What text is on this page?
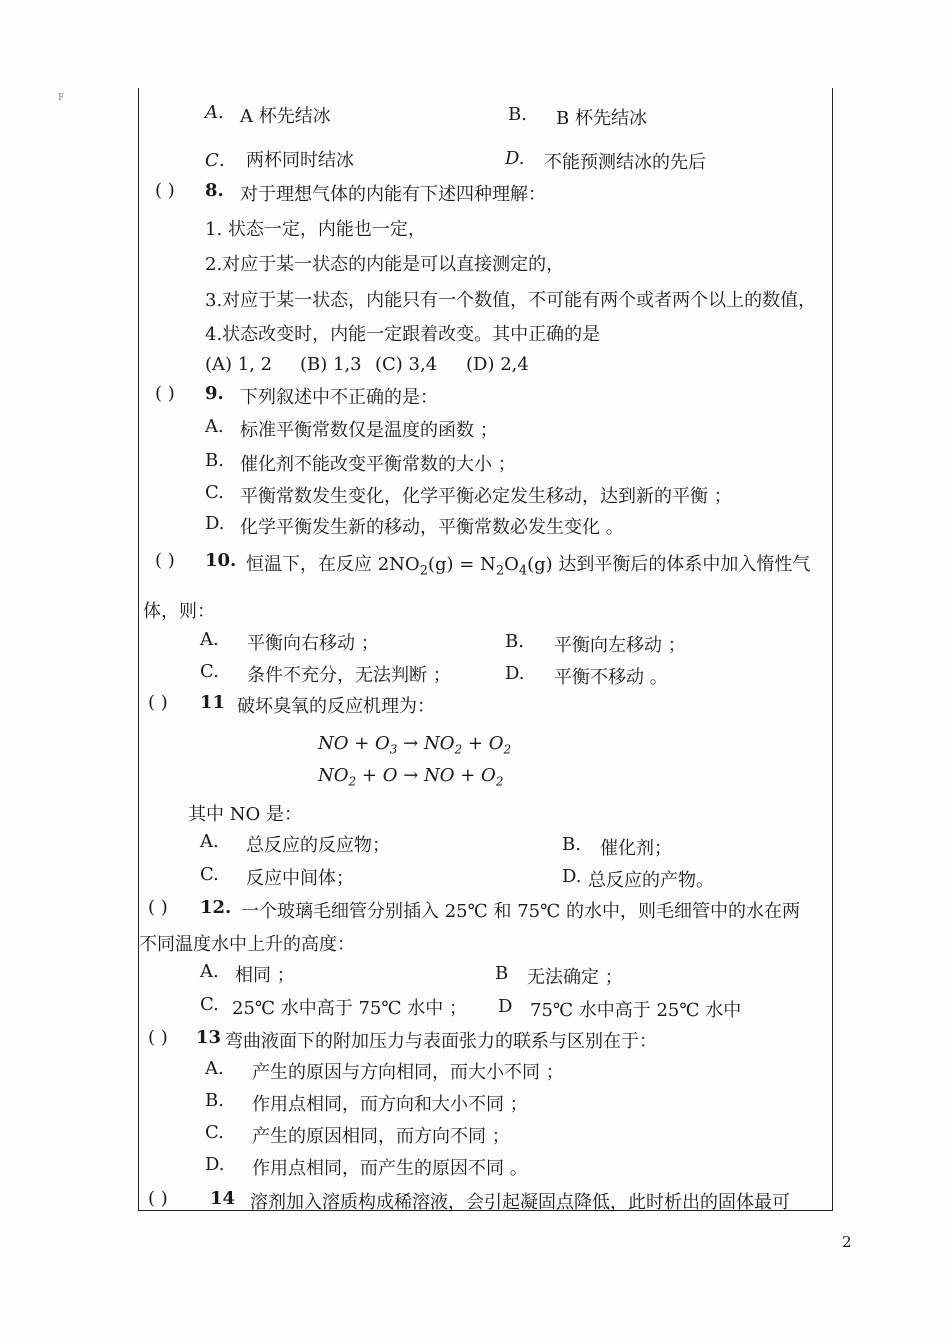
F
A. A 杯先结冰	B. B 杯先结冰
C． 两杯同时结冰	D. 不能预测结冰的先后
( ) 8. 对于理想气体的内能有下述四种理解：
1. 状态一定，内能也一定，
2.对应于某一状态的内能是可以直接测定的，
3.对应于某一状态，内能只有一个数值，不可能有两个或者两个以上的数值，
4.状态改变时，内能一定跟着改变。其中正确的是
(A) 1, 2 (B) 1,3 (C) 3,4 (D) 2,4
( ) 9. 下列叙述中不正确的是：
A. 标准平衡常数仅是温度的函数 ；
B. 催化剂不能改变平衡常数的大小 ；
C. 平衡常数发生变化，化学平衡必定发生移动，达到新的平衡 ；
D. 化学平衡发生新的移动，平衡常数必发生变化 。
( ) 10. 恒温下，在反应 $2NO_2(g) = N_2O_4(g)$ 达到平衡后的体系中加入惰性气
体，则：
A. 平衡向右移动 ；	B. 平衡向左移动 ；
C. 条件不充分，无法判断 ；	D. 平衡不移动 。
( ) 11 破坏臭氧的反应机理为：
NO + $O_3 \to NO_2 + O_2$
$NO_2 + O$ → NO + $O_2$
其中 NO 是：
A. 总反应的反应物；	B. 催化剂；
C. 反应中间体；	D. 总反应的产物。
( ) 12. 一个玻璃毛细管分别插入 25℃ 和 75℃ 的水中，则毛细管中的水在两
不同温度水中上升的高度：
A. 相同 ；	B 无法确定 ；
C. 25℃ 水中高于 75℃ 水中 ； D 75℃ 水中高于 25℃ 水中
( ) 13 弯曲液面下的附加压力与表面张力的联系与区别在于：
A. 产生的原因与方向相同，而大小不同 ；
B. 作用点相同，而方向和大小不同 ；
C. 产生的原因相同，而方向不同 ；
D. 作用点相同，而产生的原因不同 。
( ) 14 溶剂加入溶质构成稀溶液，会引起凝固点降低，此时析出的固体最可
2
